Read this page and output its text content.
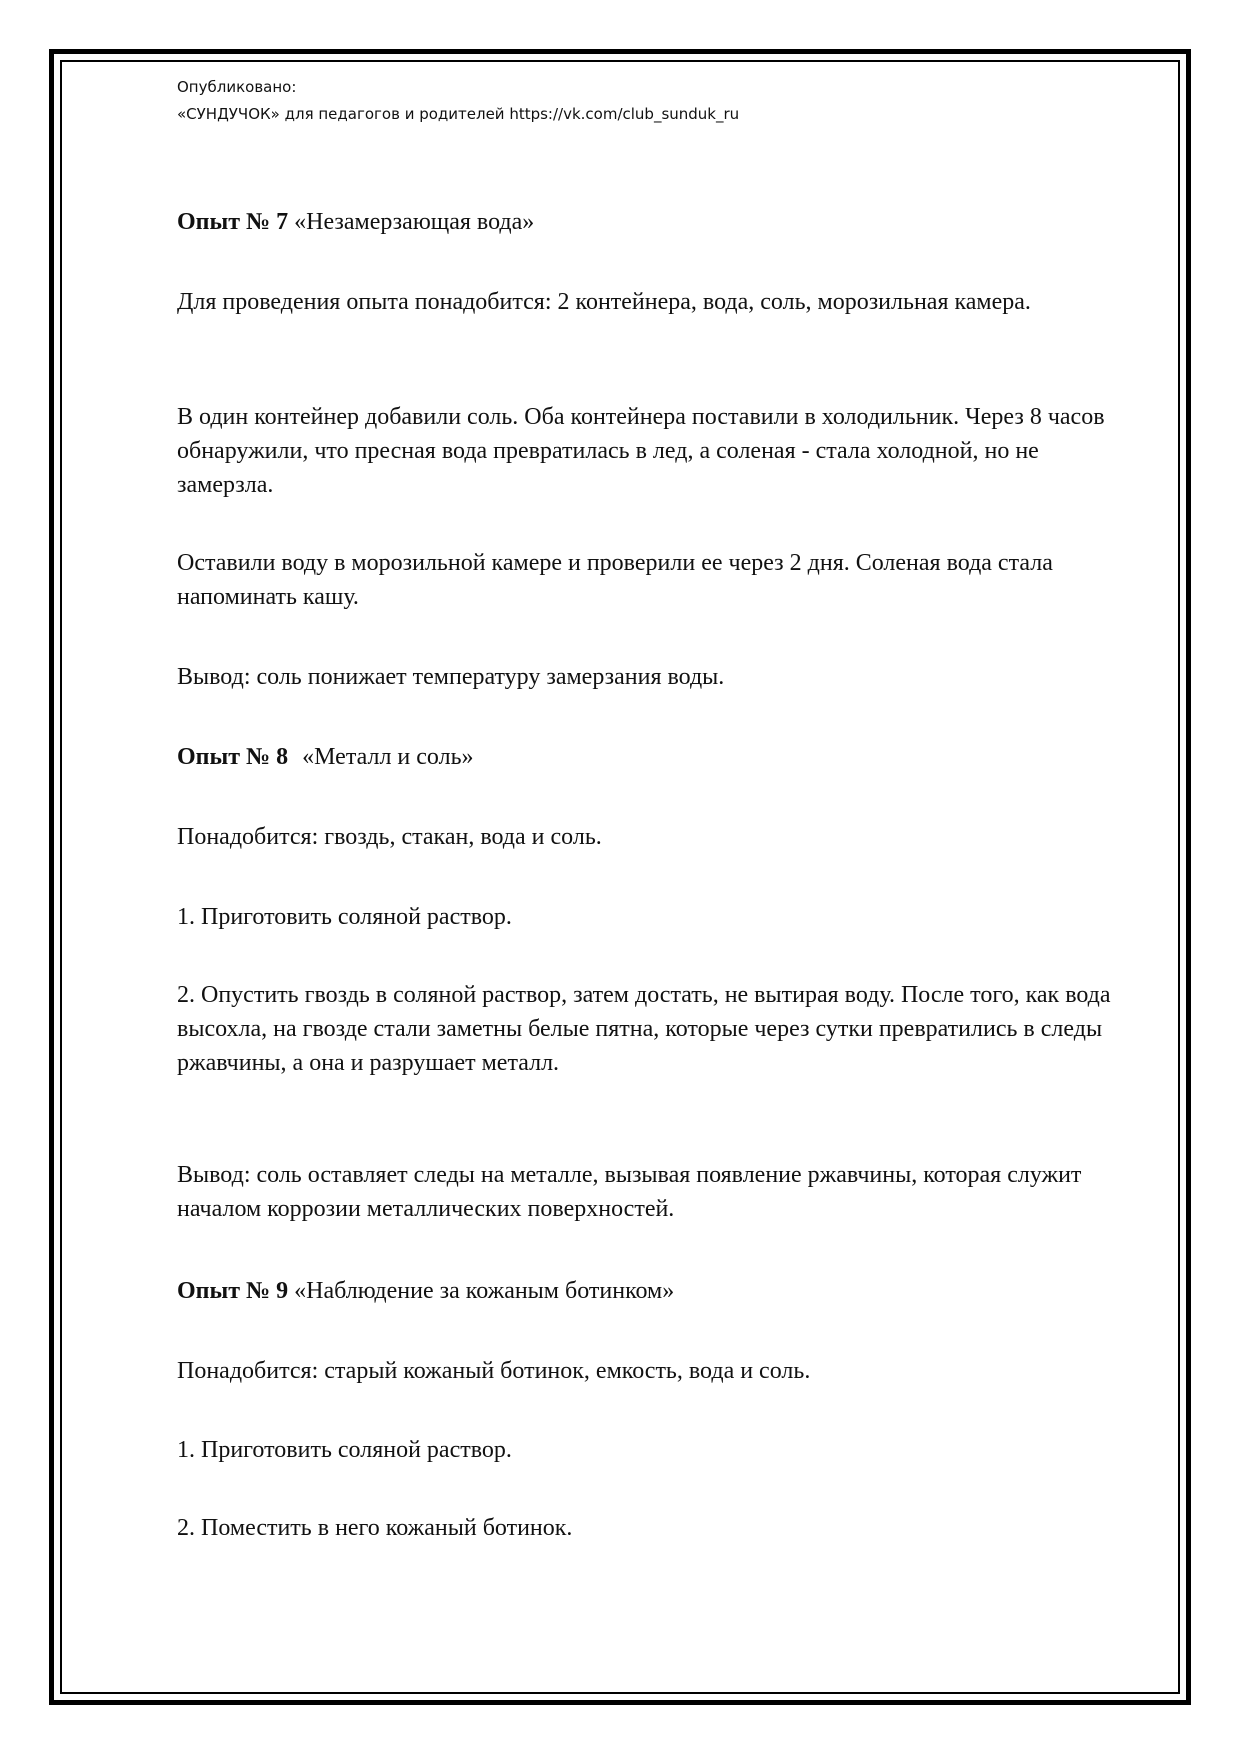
Опубликовано:
«СУНДУЧОК» для педагогов и родителей https://vk.com/club_sunduk_ru

Опыт № 7 «Незамерзающая вода»

Для проведения опыта понадобится: 2 контейнера, вода, соль, морозильная камера.

В один контейнер добавили соль. Оба контейнера поставили в холодильник. Через 8 часов обнаружили, что пресная вода превратилась в лед, а соленая - стала холодной, но не замерзла.

Оставили воду в морозильной камере и проверили ее через 2 дня. Соленая вода стала напоминать кашу.

Вывод: соль понижает температуру замерзания воды.

Опыт № 8 «Металл и соль»

Понадобится: гвоздь, стакан, вода и соль.

1. Приготовить соляной раствор.

2. Опустить гвоздь в соляной раствор, затем достать, не вытирая воду. После того, как вода высохла, на гвозде стали заметны белые пятна, которые через сутки превратились в следы ржавчины, а она и разрушает металл.

Вывод: соль оставляет следы на металле, вызывая появление ржавчины, которая служит началом коррозии металлических поверхностей.

Опыт № 9 «Наблюдение за кожаным ботинком»

Понадобится: старый кожаный ботинок, емкость, вода и соль.

1. Приготовить соляной раствор.

2. Поместить в него кожаный ботинок.
